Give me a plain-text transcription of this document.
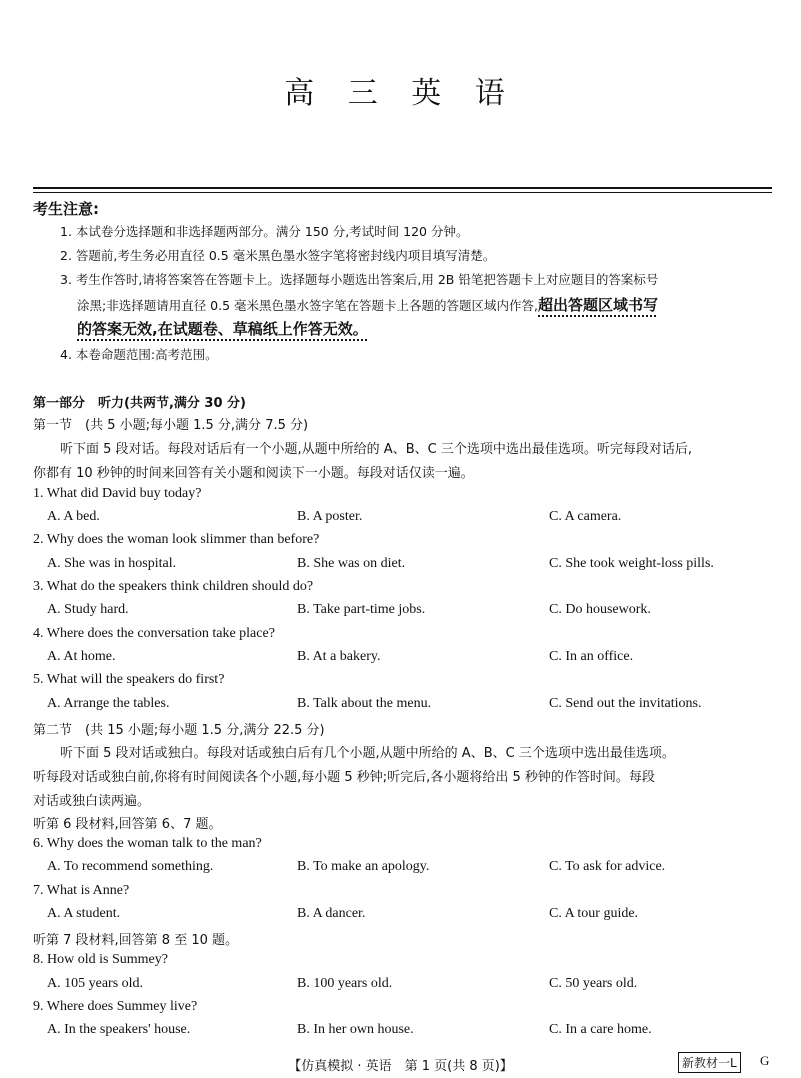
高 三 英 语
考生注意:
1. 本试卷分选择题和非选择题两部分。满分 150 分,考试时间 120 分钟。
2. 答题前,考生务必用直径 0.5 毫米黑色墨水签字笔将密封线内项目填写清楚。
3. 考生作答时,请将答案答在答题卡上。选择题每小题选出答案后,用 2B 铅笔把答题卡上对应题目的答案标号
涂黑;非选择题请用直径 0.5 毫米黑色墨水签字笔在答题卡上各题的答题区域内作答,超出答题区域书写
的答案无效,在试题卷、草稿纸上作答无效。
4. 本卷命题范围:高考范围。
第一部分　听力(共两节,满分 30 分)
第一节　(共 5 小题;每小题 1.5 分,满分 7.5 分)
听下面 5 段对话。每段对话后有一个小题,从题中所给的 A、B、C 三个选项中选出最佳选项。听完每段对话后,
你都有 10 秒钟的时间来回答有关小题和阅读下一小题。每段对话仅读一遍。
1. What did David buy today?
A. A bed.	B. A poster.	C. A camera.
2. Why does the woman look slimmer than before?
A. She was in hospital.	B. She was on diet.	C. She took weight-loss pills.
3. What do the speakers think children should do?
A. Study hard.	B. Take part-time jobs.	C. Do housework.
4. Where does the conversation take place?
A. At home.	B. At a bakery.	C. In an office.
5. What will the speakers do first?
A. Arrange the tables.	B. Talk about the menu.	C. Send out the invitations.
第二节　(共 15 小题;每小题 1.5 分,满分 22.5 分)
听下面 5 段对话或独白。每段对话或独白后有几个小题,从题中所给的 A、B、C 三个选项中选出最佳选项。
听每段对话或独白前,你将有时间阅读各个小题,每小题 5 秒钟;听完后,各小题将给出 5 秒钟的作答时间。每段
对话或独白读两遍。
听第 6 段材料,回答第 6、7 题。
6. Why does the woman talk to the man?
A. To recommend something.	B. To make an apology.	C. To ask for advice.
7. What is Anne?
A. A student.	B. A dancer.	C. A tour guide.
听第 7 段材料,回答第 8 至 10 题。
8. How old is Summey?
A. 105 years old.	B. 100 years old.	C. 50 years old.
9. Where does Summey live?
A. In the speakers' house.	B. In her own house.	C. In a care home.
【仿真模拟 · 英语　第 1 页(共 8 页)】	新教材一L	G
